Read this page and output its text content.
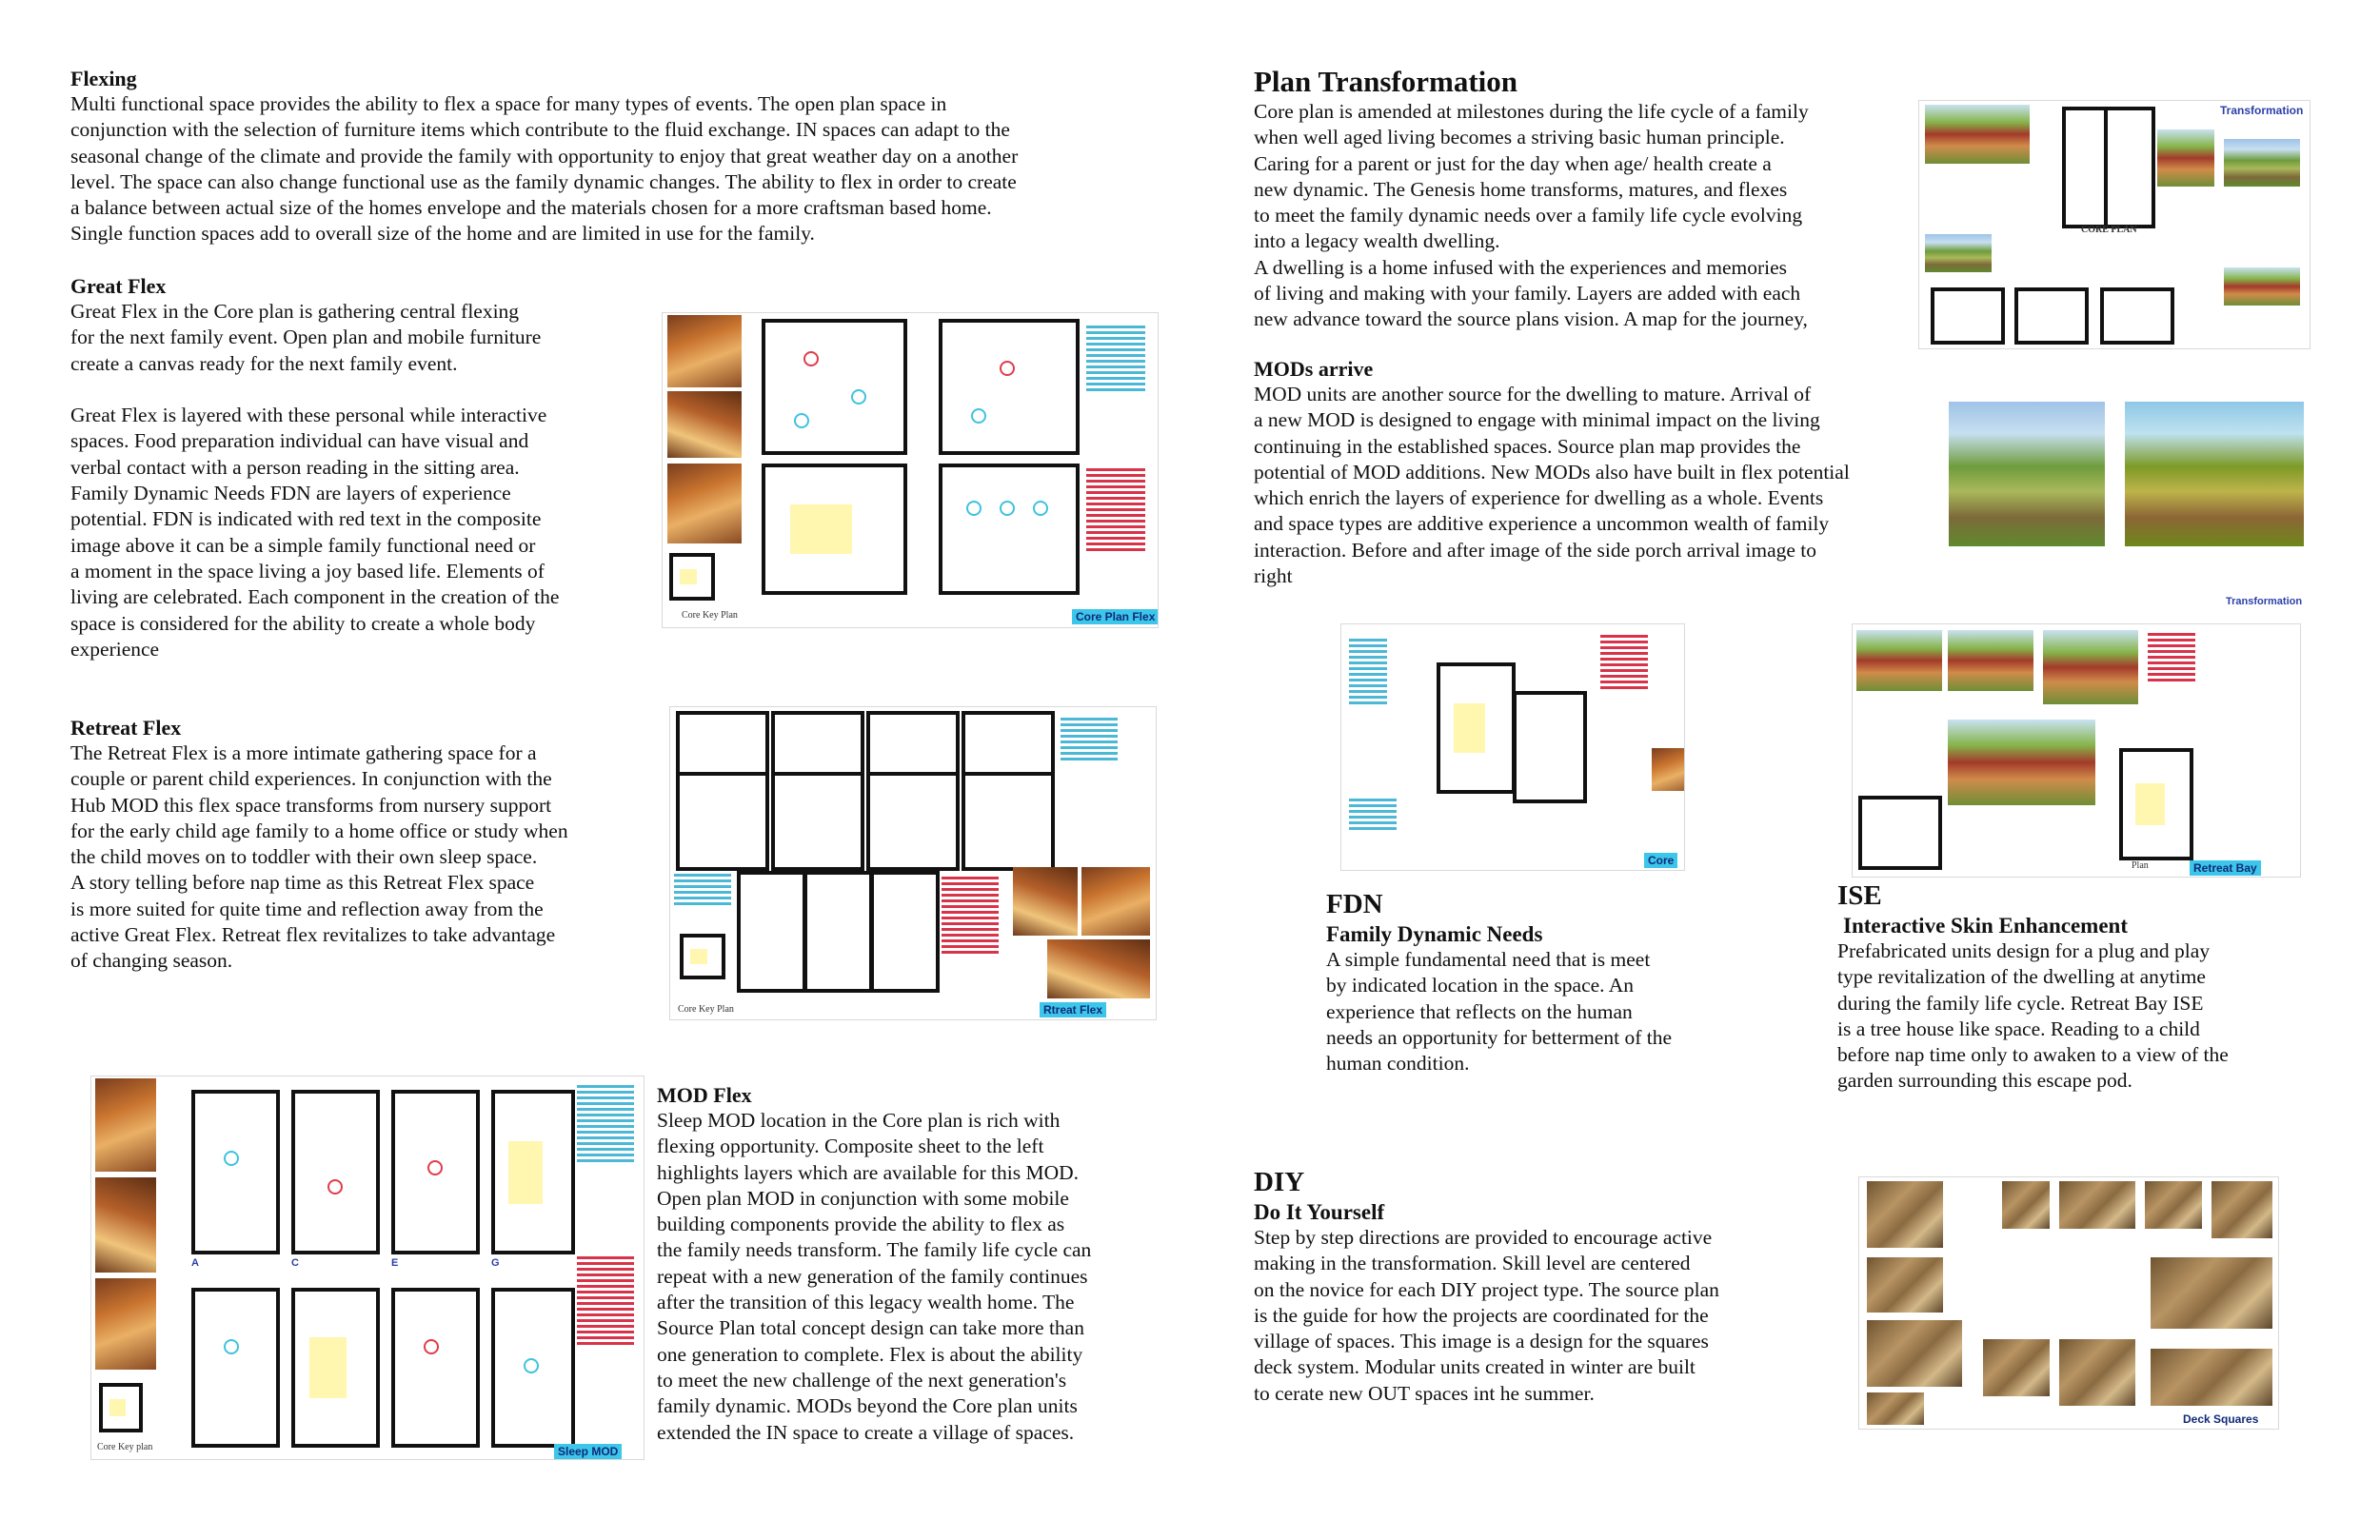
Flexing
Multi functional space provides the ability to flex a space for many types of events. The open plan space in
conjunction with the selection of furniture items which contribute to the fluid exchange. IN spaces can adapt to the
seasonal change of the climate and provide the family with opportunity to enjoy that great weather day on a another
level. The space can also change functional use as the family dynamic changes. The ability to flex in order to create
a balance between actual size of the homes envelope and the materials chosen for a more craftsman based home.
Single function spaces add to overall size of the home and are limited in use for the family.
Great Flex
Great Flex in the Core plan is gathering central flexing
for the next family event. Open plan and mobile furniture
create a canvas ready for the next family event.

Great Flex is layered with these personal while interactive
spaces. Food preparation individual can have visual and
verbal contact with a person reading in the sitting area.
Family Dynamic Needs FDN are layers of experience
potential. FDN is indicated with red text in the composite
image above it can be a simple family functional need or
a moment in the space living a joy based life. Elements of
living are celebrated. Each component in the creation of the
space is considered for the ability to create a whole body
experience
Core Key Plan	Core Plan Flex
Retreat Flex
The Retreat Flex is a more intimate gathering space for a
couple or parent child experiences. In conjunction with the
Hub MOD this flex space transforms from nursery support
for the early child age family to a home office or study when
the child moves on to toddler with their own sleep space.
A story telling before nap time as this Retreat Flex space
is more suited for quite time and reflection away from the
active Great Flex. Retreat flex revitalizes to take advantage
of changing season.
Core Key Plan	Rtreat Flex
Core Key plan
A	C	E	G
Sleep MOD
MOD Flex
Sleep MOD location in the Core plan is rich with
flexing opportunity. Composite sheet to the left
highlights layers which are available for this MOD.
Open plan MOD in conjunction with some mobile
building components provide the ability to flex as
the family needs transform. The family life cycle can
repeat with a new generation of the family continues
after the transition of this legacy wealth home. The
Source Plan total concept design can take more than
one generation to complete. Flex is about the ability
to meet the new challenge of the next generation's
family dynamic. MODs beyond the Core plan units
extended the IN space to create a village of spaces.
Plan Transformation
Core plan is amended at milestones during the life cycle of a family
when well aged living becomes a striving basic human principle.
Caring for a parent or just for the day when age/ health create a
new dynamic. The Genesis home transforms, matures, and flexes
to meet the family dynamic needs over a family life cycle evolving
into a legacy wealth dwelling.
A dwelling is a home infused with the experiences and memories
of living and making with your family. Layers are added with each
new advance toward the source plans vision. A map for the journey,
CORE PLAN
Transformation
MODs arrive
MOD units are another source for the dwelling to mature. Arrival of
a new MOD is designed to engage with minimal impact on the living
continuing in the established spaces. Source plan map provides the
potential of MOD additions. New MODs also have built in flex potential
which enrich the layers of experience for dwelling as a whole. Events
and space types are additive experience a uncommon wealth of family
interaction. Before and after image of the side porch arrival image to
right
Transformation
Core
FDN
Family Dynamic Needs
A simple fundamental need that is meet
by indicated location in the space. An
experience that reflects on the human
needs an opportunity for betterment of the
human condition.
Plan	Retreat Bay
ISE
Interactive Skin Enhancement
Prefabricated units design for a plug and play
type revitalization of the dwelling at anytime
during the family life cycle. Retreat Bay ISE
is a tree house like space. Reading to a child
before nap time only to awaken to a view of the
garden surrounding this escape pod.
DIY
Do It Yourself
Step by step directions are provided to encourage active
making in the transformation. Skill level are centered
on the novice for each DIY project type. The source plan
is the guide for how the projects are coordinated for the
village of spaces. This image is a design for the squares
deck system. Modular units created in winter are built
to cerate new OUT spaces int he summer.
Deck Squares
